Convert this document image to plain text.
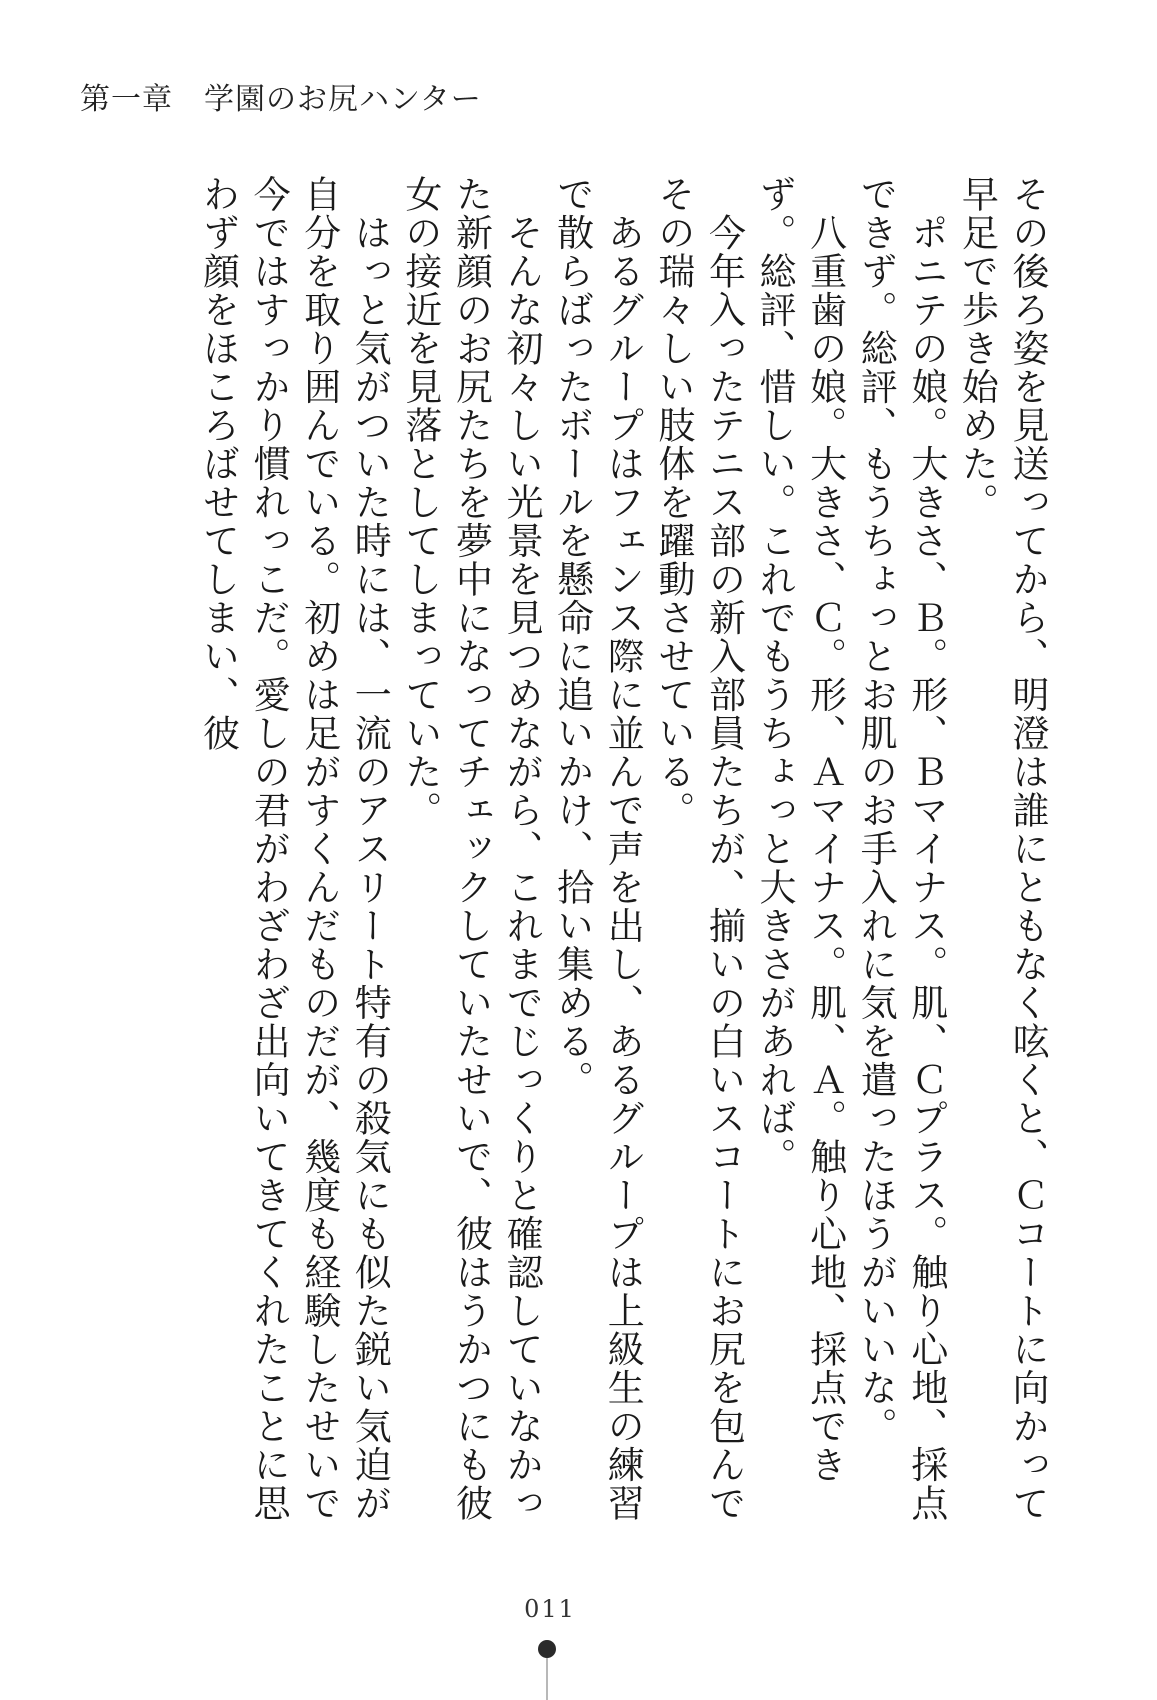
第一章　学園のお尻ハンター

その後ろ姿を見送ってから、明澄は誰にともなく呟くと、Ｃコートに向かって早足で歩き始めた。

　ポニテの娘。大きさ、Ｂ。形、Ｂマイナス。肌、Ｃプラス。触り心地、採点できず。総評、もうちょっとお肌のお手入れに気を遣ったほうがいいな。

　八重歯の娘。大きさ、Ｃ。形、Ａマイナス。肌、Ａ。触り心地、採点できず。総評、惜しい。これでもうちょっと大きさがあれば。

　今年入ったテニス部の新入部員たちが、揃いの白いスコートにお尻を包んでその瑞々しい肢体を躍動させている。

　あるグループはフェンス際に並んで声を出し、あるグループは上級生の練習で散らばったボールを懸命に追いかけ、拾い集める。

　そんな初々しい光景を見つめながら、これまでじっくりと確認していなかった新顔のお尻たちを夢中になってチェックしていたせいで、彼はうかつにも彼女の接近を見落としてしまっていた。

　はっと気がついた時には、一流のアスリート特有の殺気にも似た鋭い気迫が自分を取り囲んでいる。初めは足がすくんだものだが、幾度も経験したせいで今ではすっかり慣れっこだ。愛しの君がわざわざ出向いてきてくれたことに思わず顔をほころばせてしまい、彼

011
